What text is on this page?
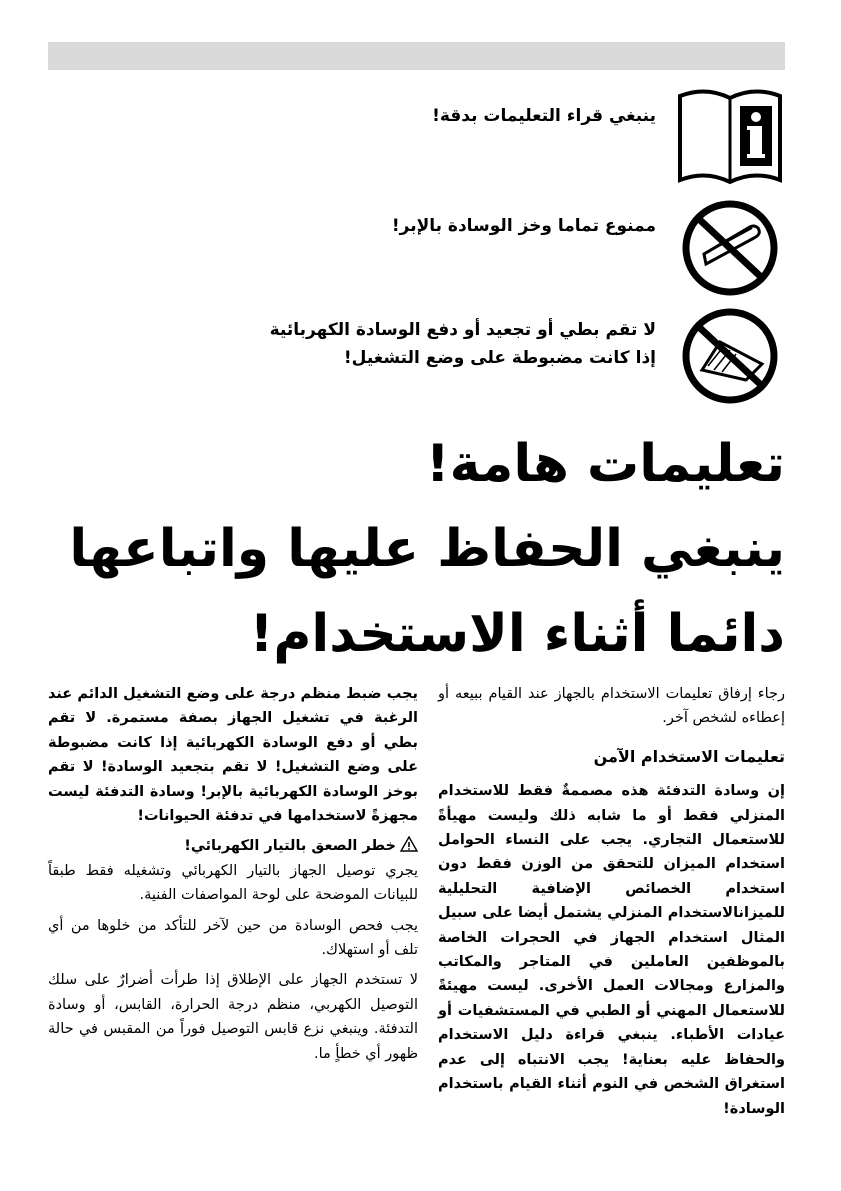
ينبغي قراء التعليمات بدقة!
ممنوع تماما وخز الوسادة بالإبر!
لا تقم بطي أو تجعيد أو دفع الوسادة الكهربائية
إذا كانت مضبوطة على وضع التشغيل!
تعليمات هامة!
ينبغي الحفاظ عليها واتباعها
دائما أثناء الاستخدام!

رجاء إرفاق تعليمات الاستخدام بالجهاز عند القيام ببيعه أو إعطاءه لشخص آخر.

تعليمات الاستخدام الآمن

إن وسادة التدفئة هذه مصممةٌ فقط للاستخدام المنزلي فقط أو ما شابه ذلك وليست مهيأةً للاستعمال التجاري. يجب على النساء الحوامل استخدام الميزان للتحقق من الوزن فقط دون استخدام الخصائص الإضافية التحليلية للميزانالاستخدام المنزلي يشتمل أيضا على سبيل المثال استخدام الجهاز في الحجرات الخاصة بالموظفين العاملين في المتاجر والمكاتب والمزارع ومجالات العمل الأخرى. ليست مهيئةً للاستعمال المهني أو الطبي في المستشفيات أو عيادات الأطباء. ينبغي قراءة دليل الاستخدام والحفاظ عليه بعناية! يجب الانتباه إلى عدم استغراق الشخص في النوم أثناء القيام باستخدام الوسادة!

يجب ضبط منظم درجة على وضع التشغيل الدائم عند الرغبة في تشغيل الجهاز بصفة مستمرة. لا تقم بطي أو دفع الوسادة الكهربائية إذا كانت مضبوطة على وضع التشغيل! لا تقم بتجعيد الوسادة! لا تقم بوخز الوسادة الكهربائية بالإبر! وسادة التدفئة ليست مجهزةً لاستخدامها في تدفئة الحيوانات!

خطر الصعق بالتيار الكهربائي!

يجري توصيل الجهاز بالتيار الكهربائي وتشغيله فقط طبقاً للبيانات الموضحة على لوحة المواصفات الفنية.

يجب فحص الوسادة من حين لآخر للتأكد من خلوها من أي تلف أو استهلاك.

لا تستخدم الجهاز على الإطلاق إذا طرأت أضرارٌ على سلك التوصيل الكهربي، منظم درجة الحرارة، القابس، أو وسادة التدفئة. وينبغي نزع قابس التوصيل فوراً من المقبس في حالة ظهور أي خطأٍ ما.
